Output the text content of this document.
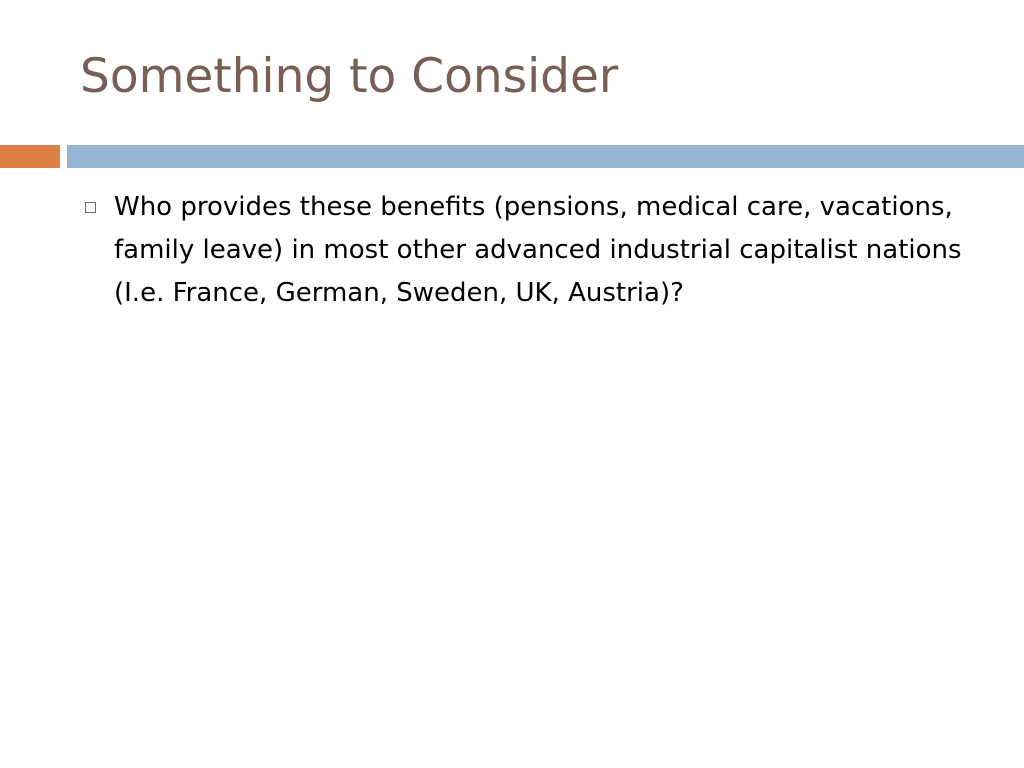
Something to Consider
Who provides these benefits (pensions, medical care, vacations, family leave) in most other advanced industrial capitalist nations (I.e. France, German, Sweden, UK, Austria)?
